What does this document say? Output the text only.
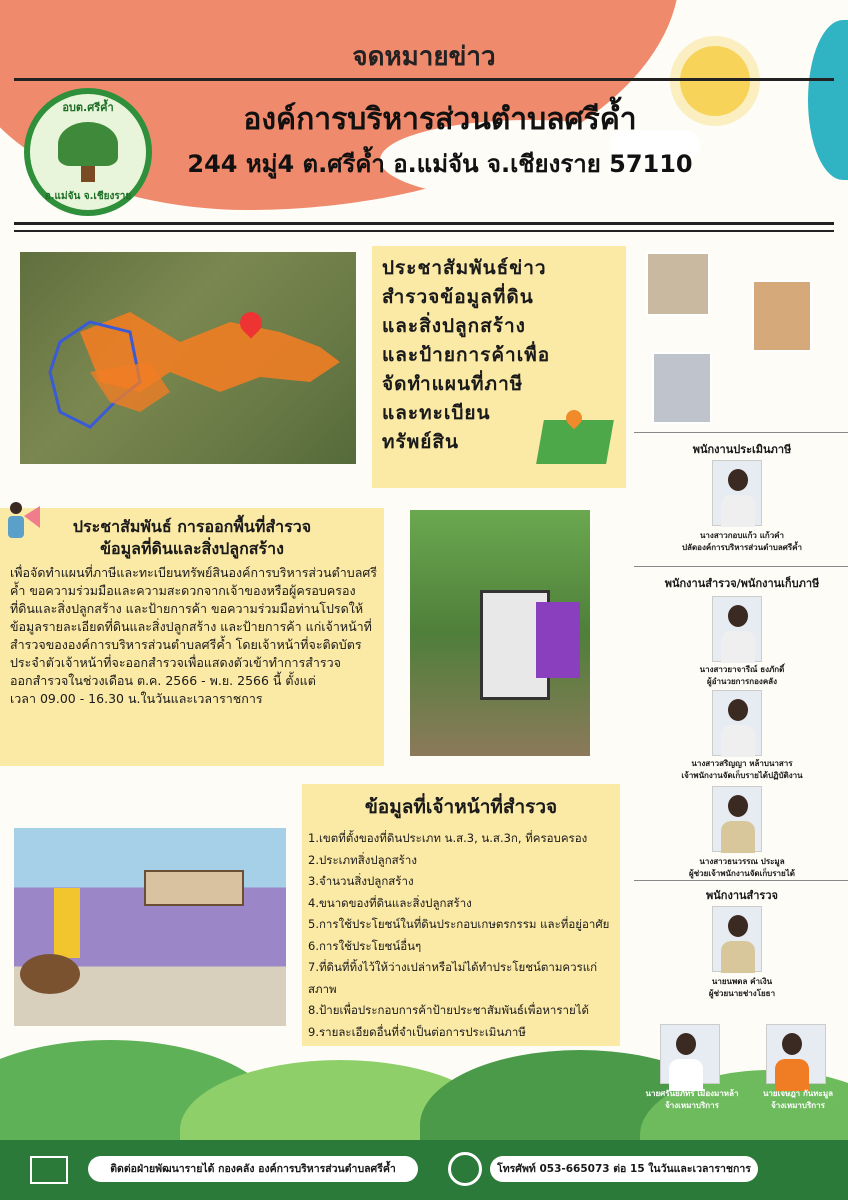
จดหมายข่าว
อบต.ศรีค้ำ
อ.แม่จัน จ.เชียงราย
องค์การบริหารส่วนตำบลศรีค้ำ
244 หมู่4 ต.ศรีค้ำ อ.แม่จัน จ.เชียงราย 57110

ประชาสัมพันธ์ข่าว

สำรวจข้อมูลที่ดิน

และสิ่งปลูกสร้าง

และป้ายการค้าเพื่อ

จัดทำแผนที่ภาษี

และทะเบียน

ทรัพย์สิน	พนักงานประเมินภาษี
นางสาวกอบแก้ว แก้วคำ
ปลัดองค์การบริหารส่วนตำบลศรีค้ำ
พนักงานสำรวจ/พนักงานเก็บภาษี
นางสาวยาจารีณ์ ธงภักดิ์
ผู้อำนวยการกองคลัง
นางสาวสริญญา หล้าบนาสาร
เจ้าพนักงานจัดเก็บรายได้ปฏิบัติงาน
นางสาวธนวรรณ ประมูล
ผู้ช่วยเจ้าพนักงานจัดเก็บรายได้
พนักงานสำรวจ
นายนพดล คำเงิน
ผู้ช่วยนายช่างโยธา
ประชาสัมพันธ์ การออกพื้นที่สำรวจ
ข้อมูลที่ดินและสิ่งปลูกสร้าง
เพื่อจัดทำแผนที่ภาษีและทะเบียนทรัพย์สินองค์การบริหารส่วนตำบลศรีค้ำ ขอความร่วมมือและความสะดวกจากเจ้าของหรือผู้ครอบครองที่ดินและสิ่งปลูกสร้าง และป้ายการค้า ขอความร่วมมือท่านโปรดให้ข้อมูลรายละเอียดที่ดินและสิ่งปลูกสร้าง และป้ายการค้า แก่เจ้าหน้าที่สำรวจขององค์การบริหารส่วนตำบลศรีค้ำ โดยเจ้าหน้าที่จะติดบัตรประจำตัวเจ้าหน้าที่จะออกสำรวจเพื่อแสดงตัวเข้าทำการสำรวจ
ออกสำรวจในช่วงเดือน ต.ค. 2566 - พ.ย. 2566 นี้ ตั้งแต่
เวลา 09.00 - 16.30 น.ในวันและเวลาราชการ
ข้อมูลที่เจ้าหน้าที่สำรวจ
1.เขตที่ตั้งของที่ดินประเภท น.ส.3, น.ส.3ก, ที่ครอบครอง
2.ประเภทสิ่งปลูกสร้าง
3.จำนวนสิ่งปลูกสร้าง
4.ขนาดของที่ดินและสิ่งปลูกสร้าง
5.การใช้ประโยชน์ในที่ดินประกอบเกษตรกรรม และที่อยู่อาศัย
6.การใช้ประโยชน์อื่นๆ
7.ที่ดินที่ทิ้งไว้ให้ว่างเปล่าหรือไม่ได้ทำประโยชน์ตามควรแก่
สภาพ
8.ป้ายเพื่อประกอบการค้าป้ายประชาสัมพันธ์เพื่อหารายได้
9.รายละเอียดอื่นที่จำเป็นต่อการประเมินภาษี
นายศรันยภัทร เมืองมาหล้า
จ้างเหมาบริการ
นายเจษฎา กันทะมูล
จ้างเหมาบริการ
ติดต่อฝ่ายพัฒนารายได้ กองคลัง องค์การบริหารส่วนตำบลศรีค้ำ	โทรศัพท์ 053-665073 ต่อ 15 ในวันและเวลาราชการ
